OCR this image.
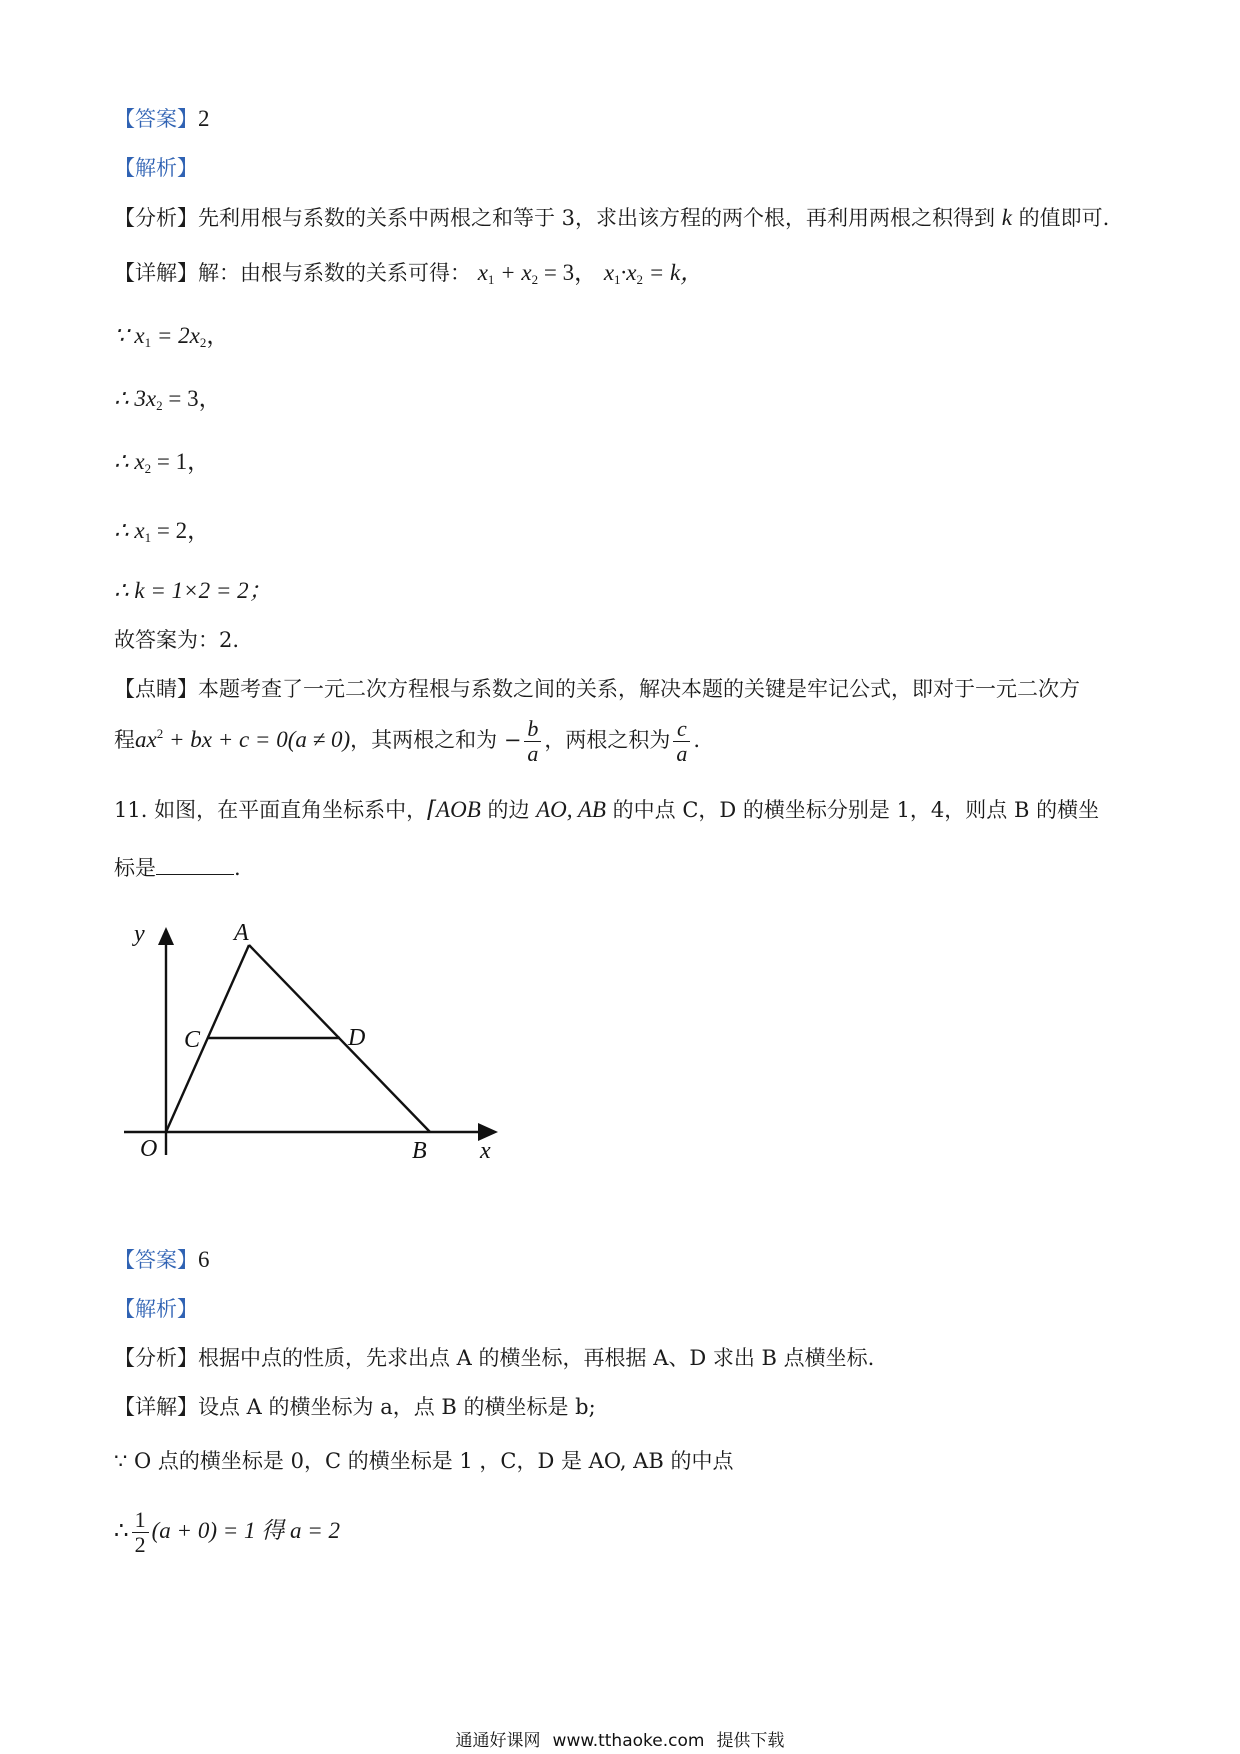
【答案】2
【解析】
【分析】先利用根与系数的关系中两根之和等于 3，求出该方程的两个根，再利用两根之积得到 k 的值即可.
【详解】解：由根与系数的关系可得： $x_1 + x_2 = 3$， $x_1\cdot x_2 = k$，
∵ $x_1 = 2x_2$，
∴ $3x_2 = 3$，
∴ $x_2 = 1$，
∴ $x_1 = 2$，
∴ k = 1×2 = 2；
故答案为：2.
【点睛】本题考查了一元二次方程根与系数之间的关系，解决本题的关键是牢记公式，即对于一元二次方
程$ax^2$ + bx + c = 0(a ≠ 0)，其两根之和为 − $\frac{b}{a}$ ，两根之积为 $\frac{c}{a}$ .
11. 如图，在平面直角坐标系中，⌈AOB 的边 AO, AB 的中点 C，D 的横坐标分别是 1，4，则点 B 的横坐
标是	.
y	A
C	D
O	B x
【答案】6
【解析】
【分析】根据中点的性质，先求出点 A 的横坐标，再根据 A、D 求出 B 点横坐标.
【详解】设点 A 的横坐标为 a，点 B 的横坐标是 b;
∵ O 点的横坐标是 0，C 的横坐标是 1 ，C，D 是 AO, AB 的中点
∴ $\frac{1}{2} (a + 0) = 1$ 得 a = 2
通通好课网 www.tthaoke.com 提供下载
